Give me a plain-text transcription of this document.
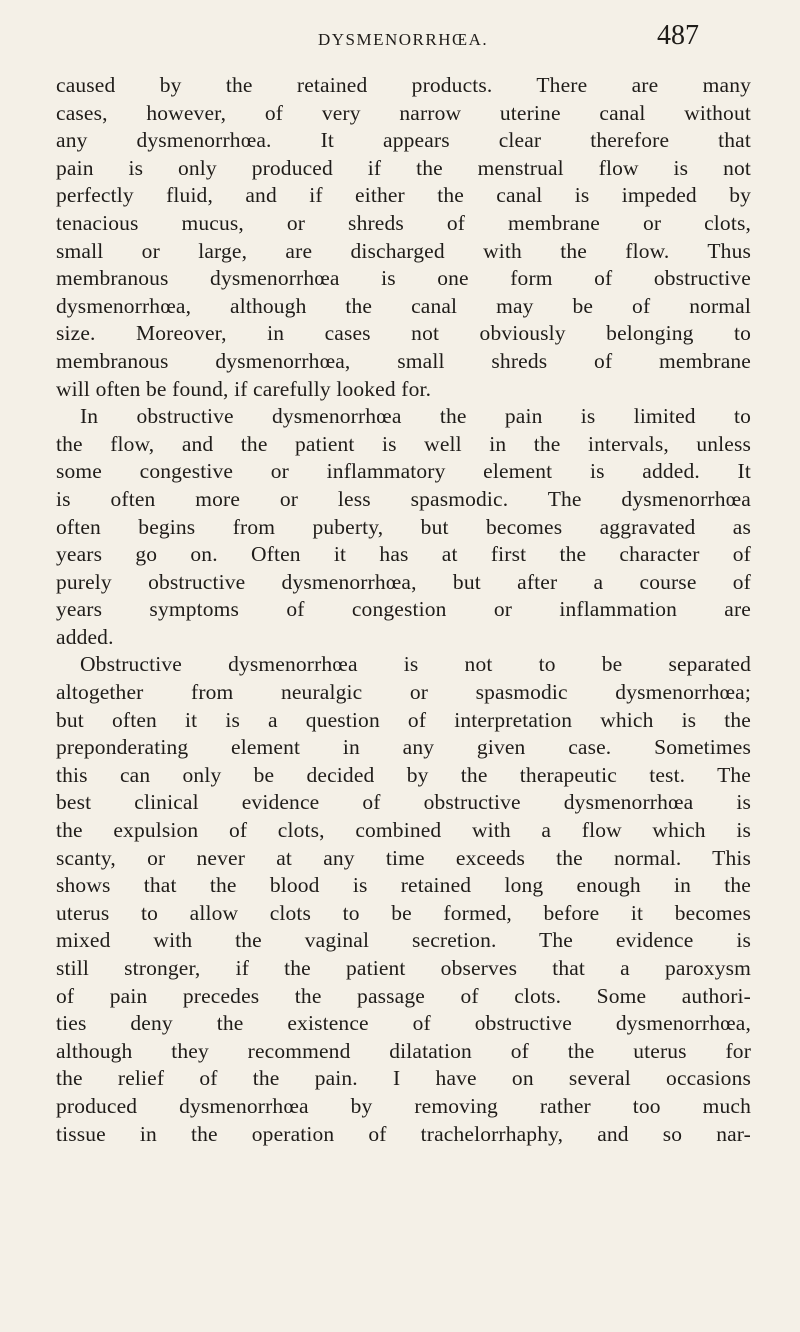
DYSMENORRHŒA.	487
caused by the retained products. There are many
cases, however, of very narrow uterine canal without
any dysmenorrhœa. It appears clear therefore that
pain is only produced if the menstrual flow is not
perfectly fluid, and if either the canal is impeded by
tenacious mucus, or shreds of membrane or clots,
small or large, are discharged with the flow. Thus
membranous dysmenorrhœa is one form of obstructive
dysmenorrhœa, although the canal may be of normal
size. Moreover, in cases not obviously belonging to
membranous dysmenorrhœa, small shreds of membrane
will often be found, if carefully looked for.
In obstructive dysmenorrhœa the pain is limited to
the flow, and the patient is well in the intervals, unless
some congestive or inflammatory element is added. It
is often more or less spasmodic. The dysmenorrhœa
often begins from puberty, but becomes aggravated as
years go on. Often it has at first the character of
purely obstructive dysmenorrhœa, but after a course of
years symptoms of congestion or inflammation are
added.
Obstructive dysmenorrhœa is not to be separated
altogether from neuralgic or spasmodic dysmenorrhœa;
but often it is a question of interpretation which is the
preponderating element in any given case. Sometimes
this can only be decided by the therapeutic test. The
best clinical evidence of obstructive dysmenorrhœa is
the expulsion of clots, combined with a flow which is
scanty, or never at any time exceeds the normal. This
shows that the blood is retained long enough in the
uterus to allow clots to be formed, before it becomes
mixed with the vaginal secretion. The evidence is
still stronger, if the patient observes that a paroxysm
of pain precedes the passage of clots. Some authori-
ties deny the existence of obstructive dysmenorrhœa,
although they recommend dilatation of the uterus for
the relief of the pain. I have on several occasions
produced dysmenorrhœa by removing rather too much
tissue in the operation of trachelorrhaphy, and so nar-
